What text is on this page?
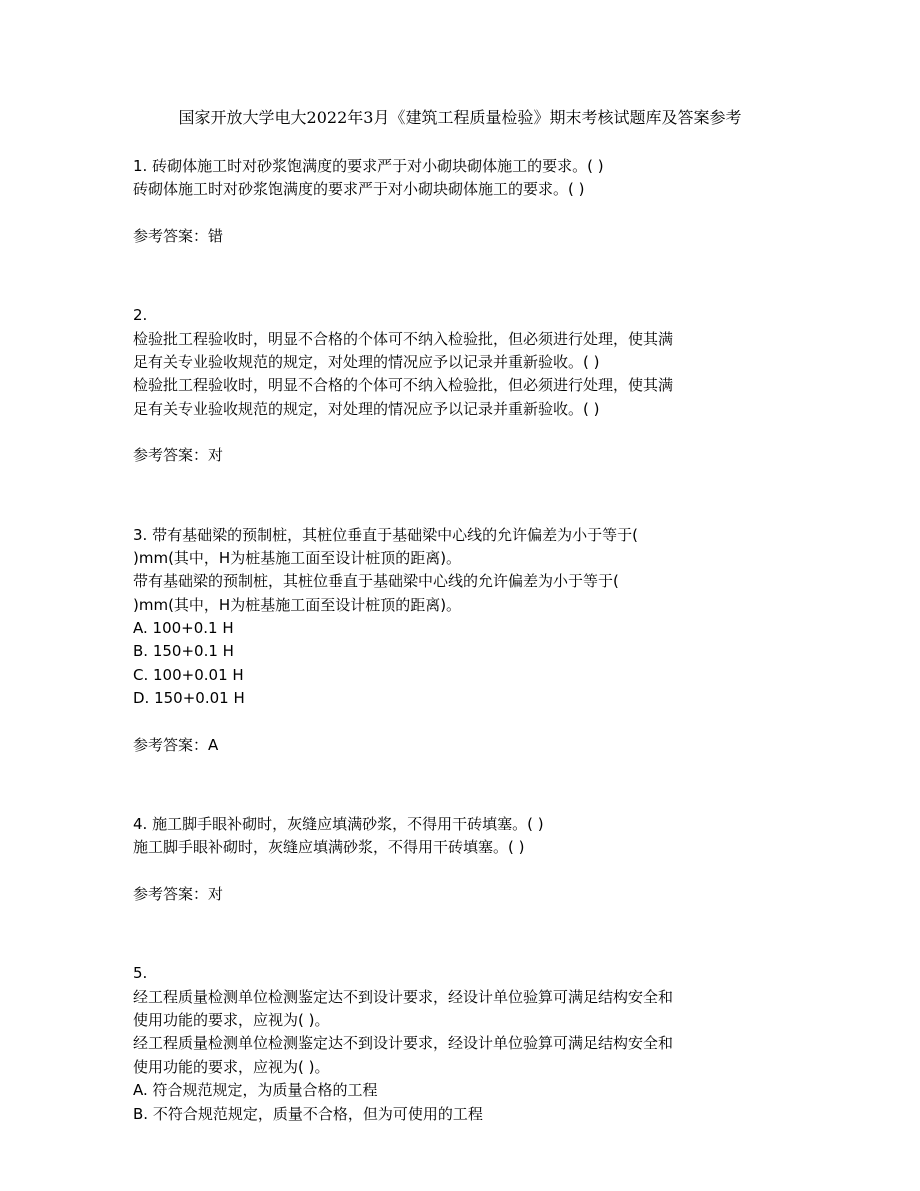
国家开放大学电大2022年3月《建筑工程质量检验》期末考核试题库及答案参考
1. 砖砌体施工时对砂浆饱满度的要求严于对小砌块砌体施工的要求。( )
砖砌体施工时对砂浆饱满度的要求严于对小砌块砌体施工的要求。( )
参考答案：错
2.
检验批工程验收时，明显不合格的个体可不纳入检验批，但必须进行处理，使其满
足有关专业验收规范的规定，对处理的情况应予以记录并重新验收。( )
检验批工程验收时，明显不合格的个体可不纳入检验批，但必须进行处理，使其满
足有关专业验收规范的规定，对处理的情况应予以记录并重新验收。( )
参考答案：对
3. 带有基础梁的预制桩，其桩位垂直于基础梁中心线的允许偏差为小于等于(
)mm(其中，H为桩基施工面至设计桩顶的距离)。
带有基础梁的预制桩，其桩位垂直于基础梁中心线的允许偏差为小于等于(
)mm(其中，H为桩基施工面至设计桩顶的距离)。
A. 100+0.1 H
B. 150+0.1 H
C. 100+0.01 H
D. 150+0.01 H
参考答案：A
4. 施工脚手眼补砌时，灰缝应填满砂浆，不得用干砖填塞。( )
施工脚手眼补砌时，灰缝应填满砂浆，不得用干砖填塞。( )
参考答案：对
5.
经工程质量检测单位检测鉴定达不到设计要求，经设计单位验算可满足结构安全和
使用功能的要求，应视为( )。
经工程质量检测单位检测鉴定达不到设计要求，经设计单位验算可满足结构安全和
使用功能的要求，应视为( )。
A. 符合规范规定，为质量合格的工程
B. 不符合规范规定，质量不合格，但为可使用的工程
